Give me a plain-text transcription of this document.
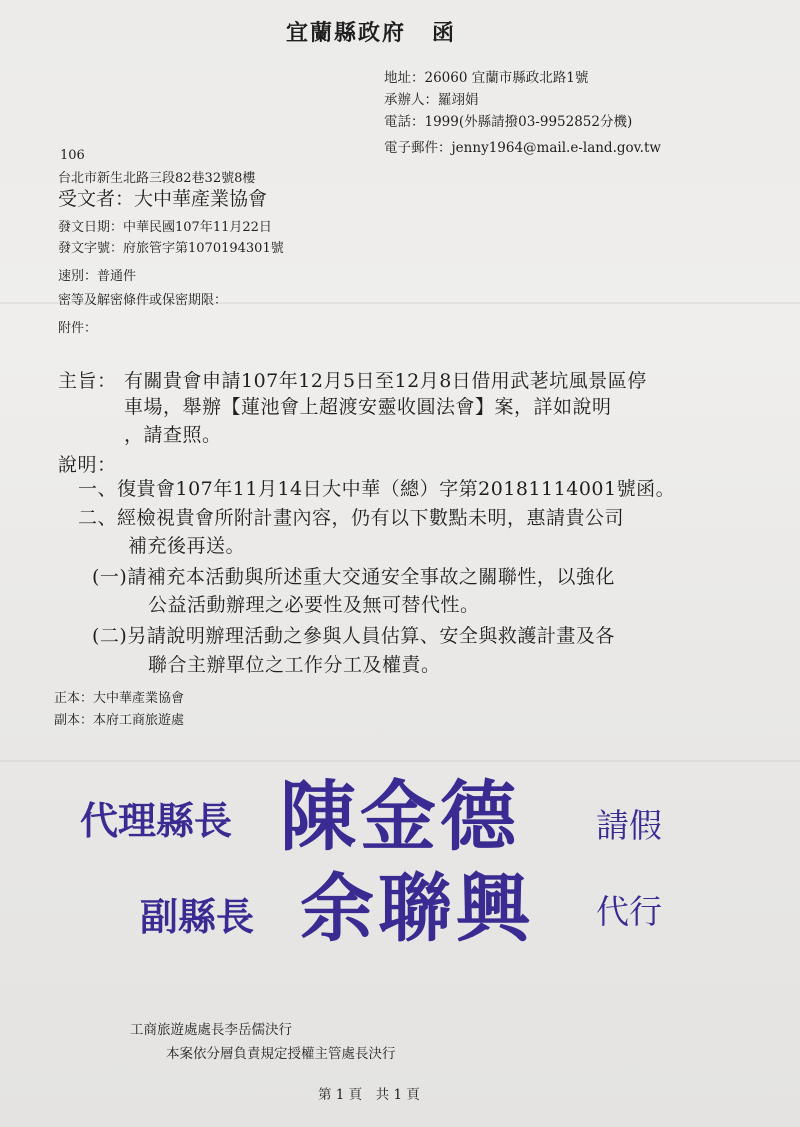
宜蘭縣政府 函
地址：26060 宜蘭市縣政北路1號
承辦人：羅翊娟
電話：1999(外縣請撥03-9952852分機)
電子郵件：jenny1964@mail.e-land.gov.tw
106
台北市新生北路三段82巷32號8樓
受文者：大中華產業協會
發文日期：中華民國107年11月22日
發文字號：府旅管字第1070194301號
速別：普通件
密等及解密條件或保密期限：
附件：
主旨： 有關貴會申請107年12月5日至12月8日借用武荖坑風景區停
車場，舉辦【蓮池會上超渡安靈收圓法會】案，詳如說明
，請查照。
說明：
一、復貴會107年11月14日大中華（總）字第20181114001號函。
二、經檢視貴會所附計畫內容，仍有以下數點未明，惠請貴公司
補充後再送。
(一)請補充本活動與所述重大交通安全事故之關聯性，以強化
公益活動辦理之必要性及無可替代性。
(二)另請說明辦理活動之參與人員估算、安全與救護計畫及各
聯合主辦單位之工作分工及權責。
正本：大中華產業協會
副本：本府工商旅遊處
代理縣長 陳金德 請假
副縣長 余聯興 代行
工商旅遊處處長李岳儒決行
本案依分層負責規定授權主管處長決行
第 1 頁　共 1 頁
